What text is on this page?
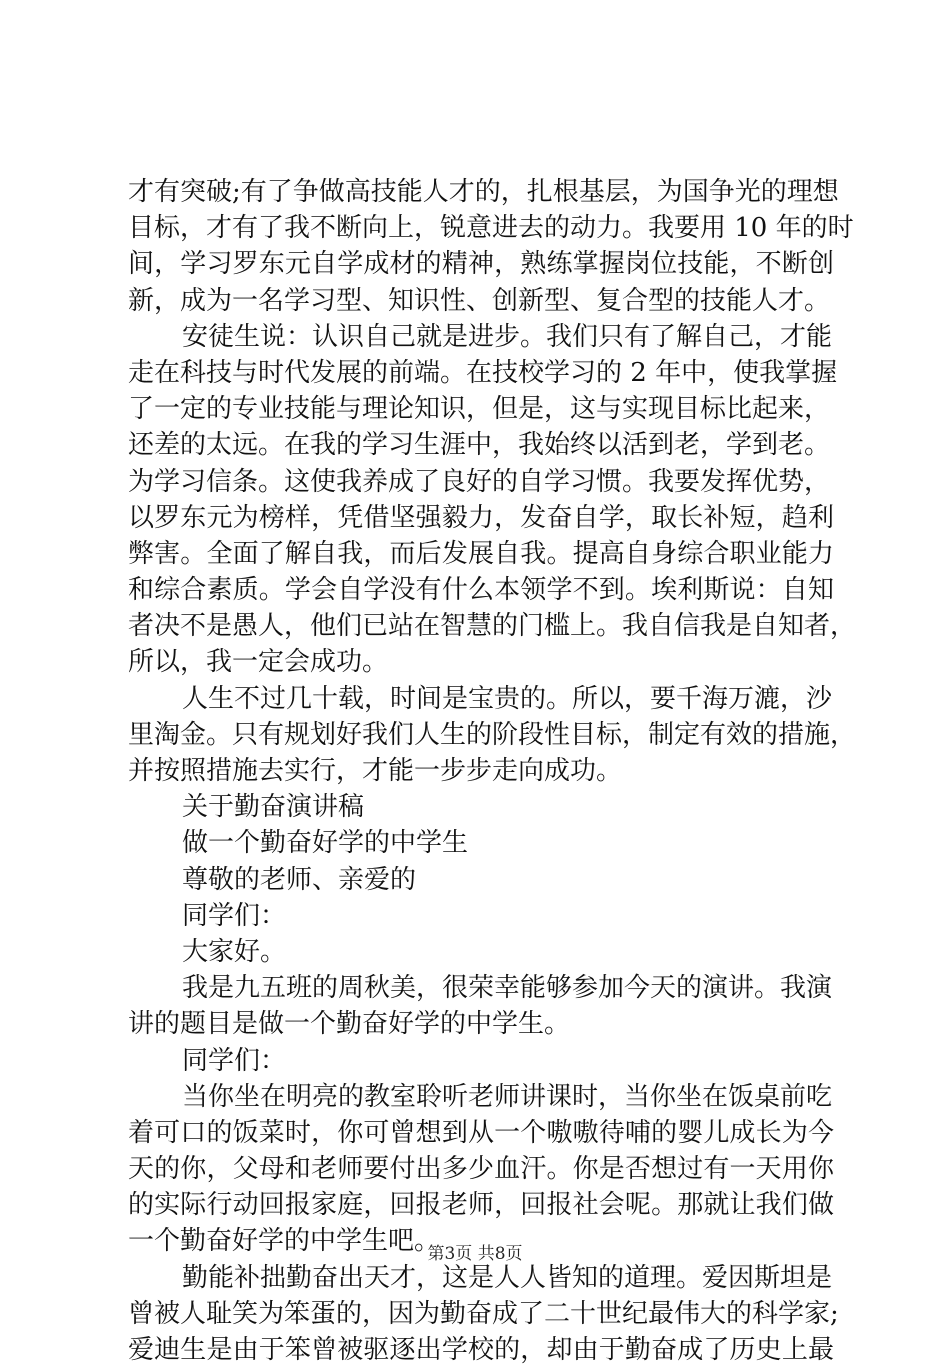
才有突破;有了争做高技能人才的，扎根基层，为国争光的理想
目标，才有了我不断向上，锐意进去的动力。我要用 10 年的时
间，学习罗东元自学成材的精神，熟练掌握岗位技能，不断创
新，成为一名学习型、知识性、创新型、复合型的技能人才。
安徒生说：认识自己就是进步。我们只有了解自己，才能
走在科技与时代发展的前端。在技校学习的 2 年中，使我掌握
了一定的专业技能与理论知识，但是，这与实现目标比起来，
还差的太远。在我的学习生涯中，我始终以活到老，学到老。
为学习信条。这使我养成了良好的自学习惯。我要发挥优势，
以罗东元为榜样，凭借坚强毅力，发奋自学，取长补短，趋利
弊害。全面了解自我，而后发展自我。提高自身综合职业能力
和综合素质。学会自学没有什么本领学不到。埃利斯说：自知
者决不是愚人，他们已站在智慧的门槛上。我自信我是自知者，
所以，我一定会成功。
人生不过几十载，时间是宝贵的。所以，要千海万漉，沙
里淘金。只有规划好我们人生的阶段性目标，制定有效的措施，
并按照措施去实行，才能一步步走向成功。
关于勤奋演讲稿
做一个勤奋好学的中学生
尊敬的老师、亲爱的
同学们：
大家好。
我是九五班的周秋美，很荣幸能够参加今天的演讲。我演
讲的题目是做一个勤奋好学的中学生。
同学们：
当你坐在明亮的教室聆听老师讲课时，当你坐在饭桌前吃
着可口的饭菜时，你可曾想到从一个嗷嗷待哺的婴儿成长为今
天的你，父母和老师要付出多少血汗。你是否想过有一天用你
的实际行动回报家庭，回报老师，回报社会呢。那就让我们做
一个勤奋好学的中学生吧。
勤能补拙勤奋出天才，这是人人皆知的道理。爱因斯坦是
曾被人耻笑为笨蛋的，因为勤奋成了二十世纪最伟大的科学家;
爱迪生是由于笨曾被驱逐出学校的，却由于勤奋成了历史上最
第3页 共8页
